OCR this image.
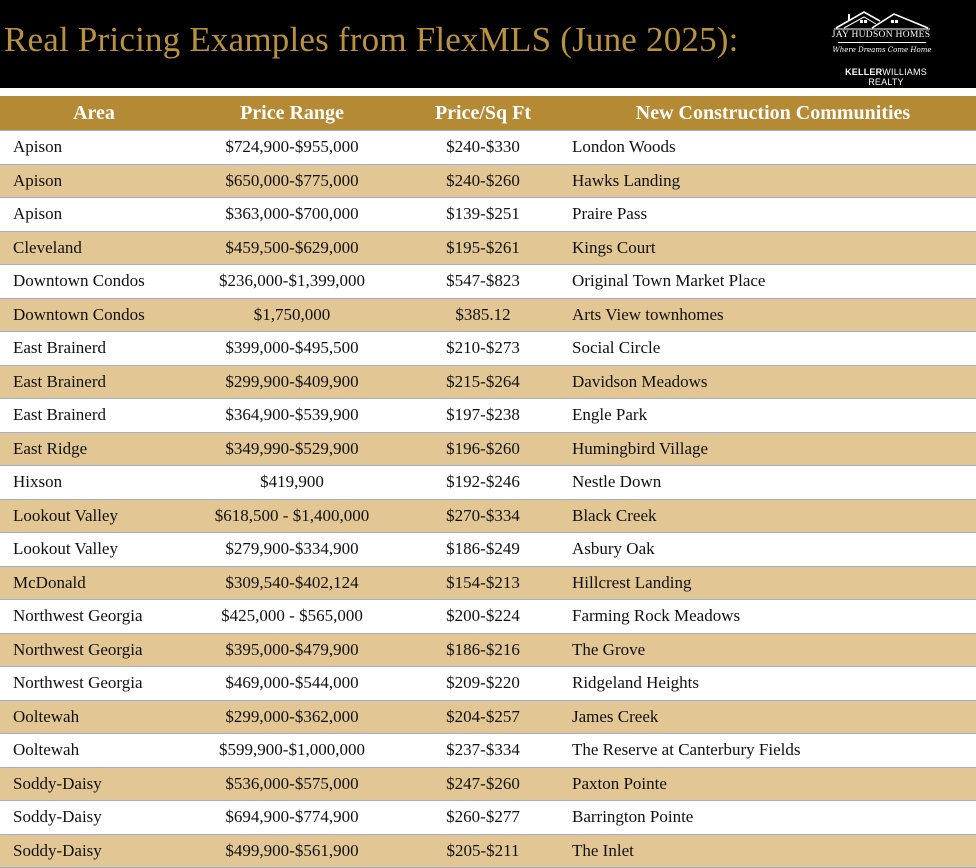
Real Pricing Examples from FlexMLS (June 2025):	JAY HUDSON HOMES
Where Dreams Come Home
KELLERWILLIAMS REALTY
Area	Price Range	Price/Sq Ft	New Construction Communities
Apison	$724,900-$955,000	$240-$330	London Woods
Apison	$650,000-$775,000	$240-$260	Hawks Landing
Apison	$363,000-$700,000	$139-$251	Praire Pass
Cleveland	$459,500-$629,000	$195-$261	Kings Court
Downtown Condos	$236,000-$1,399,000	$547-$823	Original Town Market Place
Downtown Condos	$1,750,000	$385.12	Arts View townhomes
East Brainerd	$399,000-$495,500	$210-$273	Social Circle
East Brainerd	$299,900-$409,900	$215-$264	Davidson Meadows
East Brainerd	$364,900-$539,900	$197-$238	Engle Park
East Ridge	$349,990-$529,900	$196-$260	Humingbird Village
Hixson	$419,900	$192-$246	Nestle Down
Lookout Valley	$618,500 - $1,400,000	$270-$334	Black Creek
Lookout Valley	$279,900-$334,900	$186-$249	Asbury Oak
McDonald	$309,540-$402,124	$154-$213	Hillcrest Landing
Northwest Georgia	$425,000 - $565,000	$200-$224	Farming Rock Meadows
Northwest Georgia	$395,000-$479,900	$186-$216	The Grove
Northwest Georgia	$469,000-$544,000	$209-$220	Ridgeland Heights
Ooltewah	$299,000-$362,000	$204-$257	James Creek
Ooltewah	$599,900-$1,000,000	$237-$334	The Reserve at Canterbury Fields
Soddy-Daisy	$536,000-$575,000	$247-$260	Paxton Pointe
Soddy-Daisy	$694,900-$774,900	$260-$277	Barrington Pointe
Soddy-Daisy	$499,900-$561,900	$205-$211	The Inlet
